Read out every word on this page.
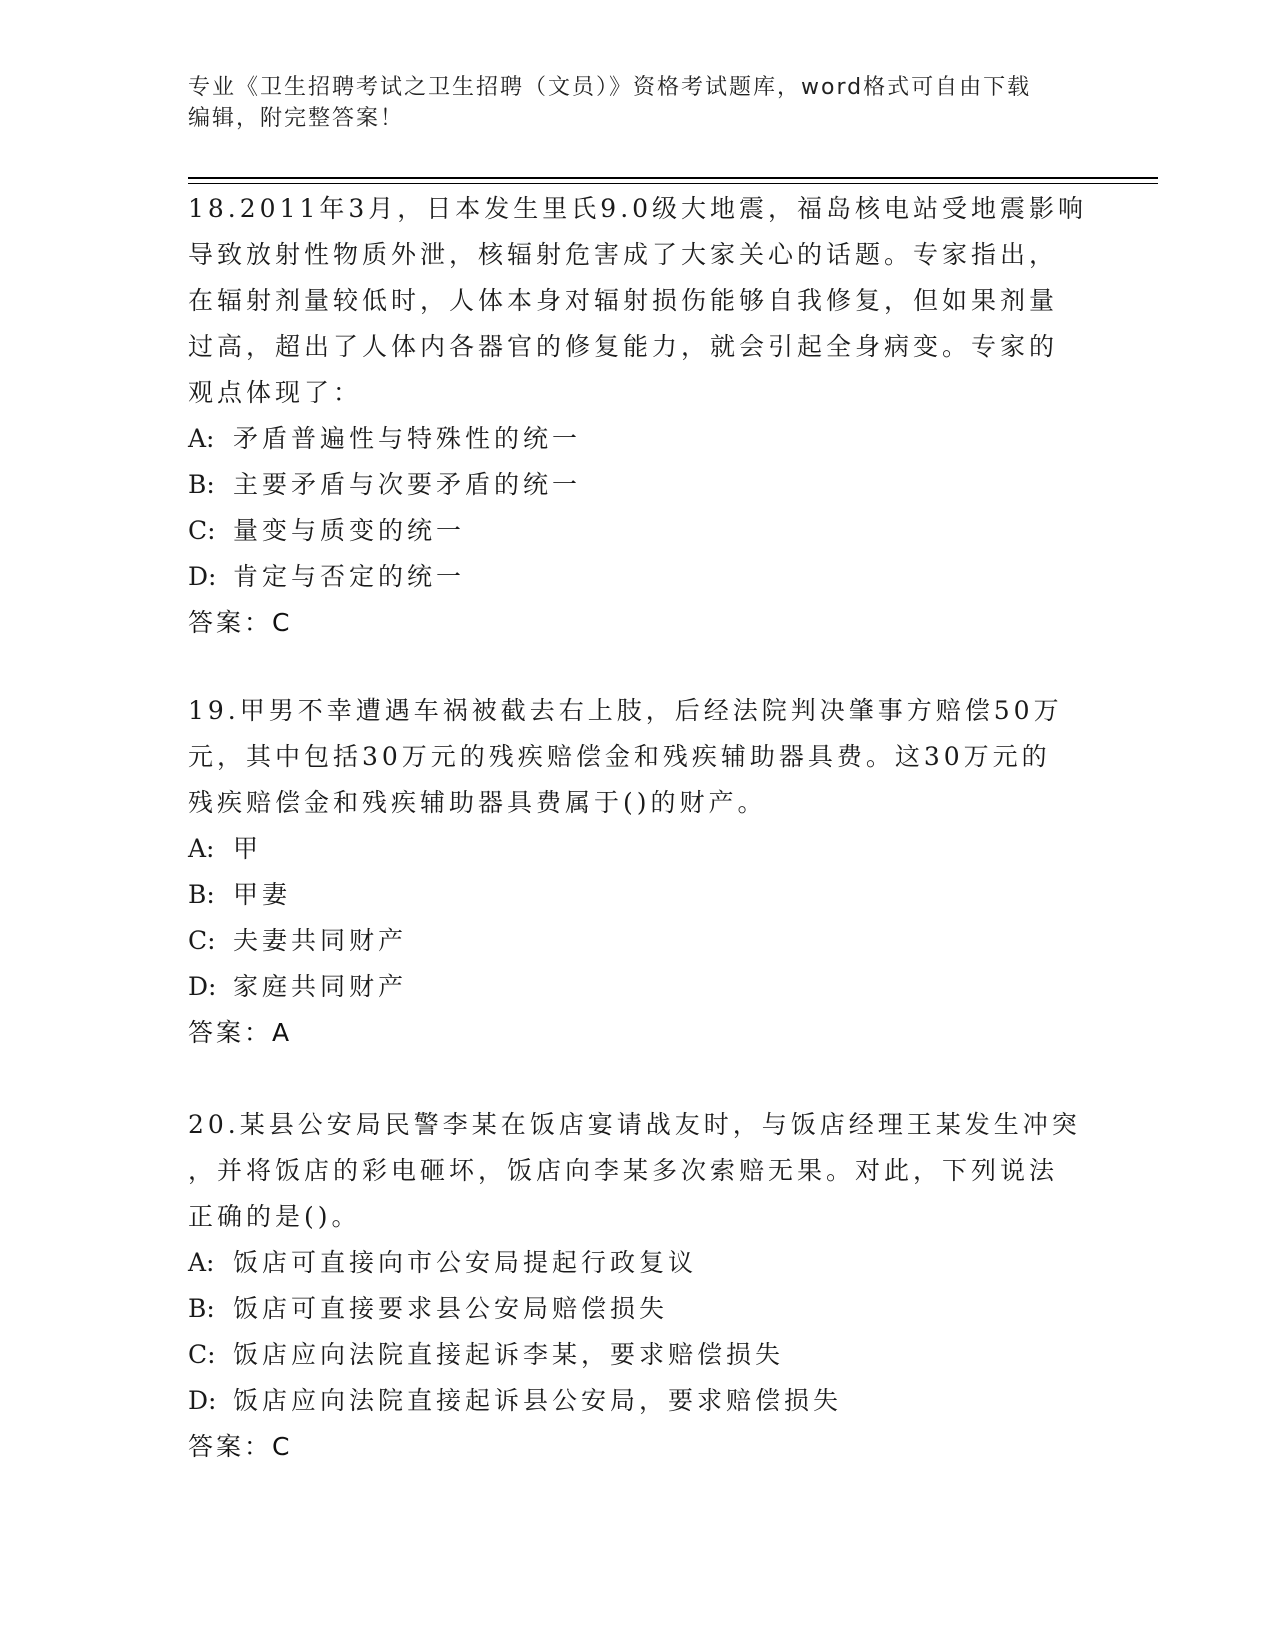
专业《卫生招聘考试之卫生招聘（文员）》资格考试题库，word格式可自由下载
编辑，附完整答案！

18.2011年3月，日本发生里氏9.0级大地震，福岛核电站受地震影响

导致放射性物质外泄，核辐射危害成了大家关心的话题。专家指出，

在辐射剂量较低时，人体本身对辐射损伤能够自我修复，但如果剂量

过高，超出了人体内各器官的修复能力，就会引起全身病变。专家的

观点体现了：

A: 矛盾普遍性与特殊性的统一

B: 主要矛盾与次要矛盾的统一

C: 量变与质变的统一

D: 肯定与否定的统一

答案：C

19.甲男不幸遭遇车祸被截去右上肢，后经法院判决肇事方赔偿50万

元，其中包括30万元的残疾赔偿金和残疾辅助器具费。这30万元的

残疾赔偿金和残疾辅助器具费属于()的财产。

A: 甲

B: 甲妻

C: 夫妻共同财产

D: 家庭共同财产

答案：A

20.某县公安局民警李某在饭店宴请战友时，与饭店经理王某发生冲突

，并将饭店的彩电砸坏，饭店向李某多次索赔无果。对此，下列说法

正确的是()。

A: 饭店可直接向市公安局提起行政复议

B: 饭店可直接要求县公安局赔偿损失

C: 饭店应向法院直接起诉李某，要求赔偿损失

D: 饭店应向法院直接起诉县公安局，要求赔偿损失

答案：C
